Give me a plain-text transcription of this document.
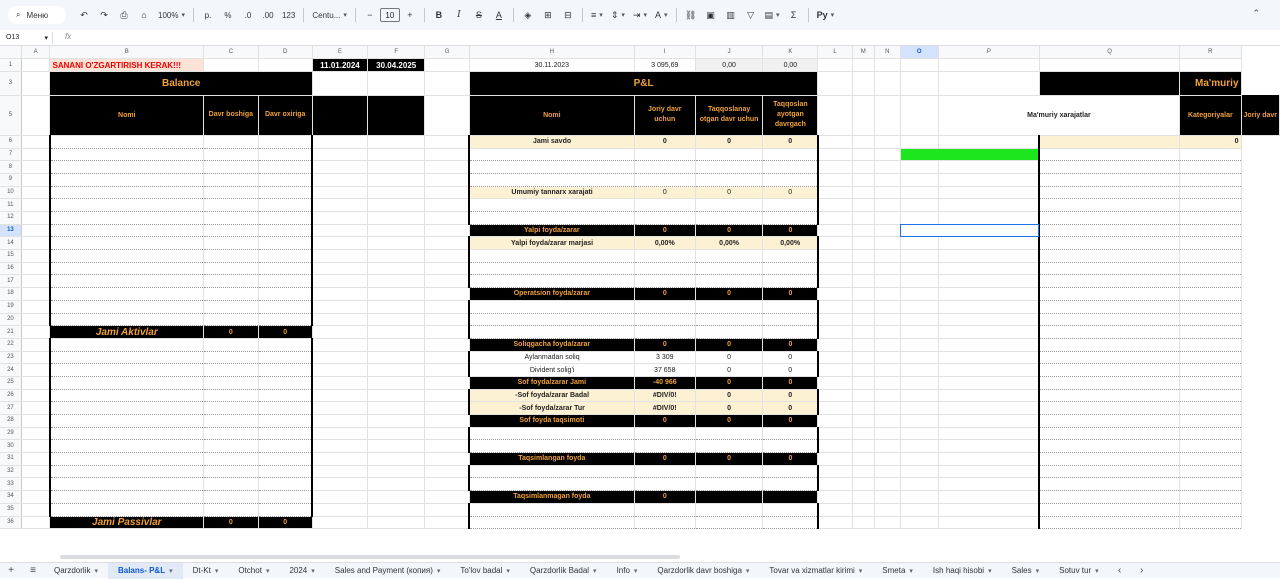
⌕ Меню	↶	↷	⎙	⌂	100% ▾	р.	%	.0	.00	123 Centu... ▾	−	10	+	B	I	S	A	◈	⊞	⊟	≡ ▾	⇕ ▾	⇥ ▾	A ▾	⛓	▣	▥	▽	▤ ▾	Σ	Ру ▾	⌃
O13	▾	fx
	A	B	C	D	E	F	G	H	I	J	K	L	M	N	O	P	Q	R	
1		SANANI O'ZGARTIRISH KERAK!!!			11.01.2024	30.04.2025		30.11.2023	3 095,69	0,00	0,00								
3		Balance						P&L										Ma'muriy	
5		Nomi	Davr boshiga	Davr oxiriga				Nomi	Joriy davr uchun	Taqqoslanay otgan davr uchun	Taqqoslan ayotgan davrgach					Ma'muriy xarajatlar		Kategoriyalar	Joriy davr
6								Jami savdo	0	0	0							0	
7																			
8																			
9																			
10								Umumiy tannarx xarajati	0	0	0								
11																			
12																			
13								Yalpi foyda/zarar	0	0	0								
14								Yalpi foyda/zarar marjasi	0,00%	0,00%	0,00%								
15																			
16																			
17																			
18								Operatsion foyda/zarar	0	0	0								
19																			
20																			
21		Jami Aktivlar	0	0															
22								Soliqgacha foyda/zarar	0	0	0								
23								Aylanmadan soliq	3 309	0	0								
24								Divident solig'i	37 658	0	0								
25								Sof foyda/zarar Jami	-40 966	0	0								
26								-Sof foyda/zarar Badal	#DIV/0!	0	0								
27								-Sof foyda/zarar Tur	#DIV/0!	0	0								
28								Sof foyda taqsimoti	0	0	0								
29																			
30																			
31								Taqsimlangan foyda	0	0	0								
32																			
33																			
34								Taqsimlanmagan foyda	0										
35																			
36		Jami Passivlar	0	0															
+	≡	Qarzdorlik ▾	Balans- P&L ▾	Dt-Kt ▾	Otchot ▾	2024 ▾	Sales and Payment (копия) ▾	To'lov badal ▾	Qarzdorlik Badal ▾	Info ▾	Qarzdorlik davr boshiga ▾	Tovar va xizmatlar kirimi ▾	Smeta ▾	Ish haqi hisobi ▾	Sales ▾	Sotuv tur ▾	‹	›
